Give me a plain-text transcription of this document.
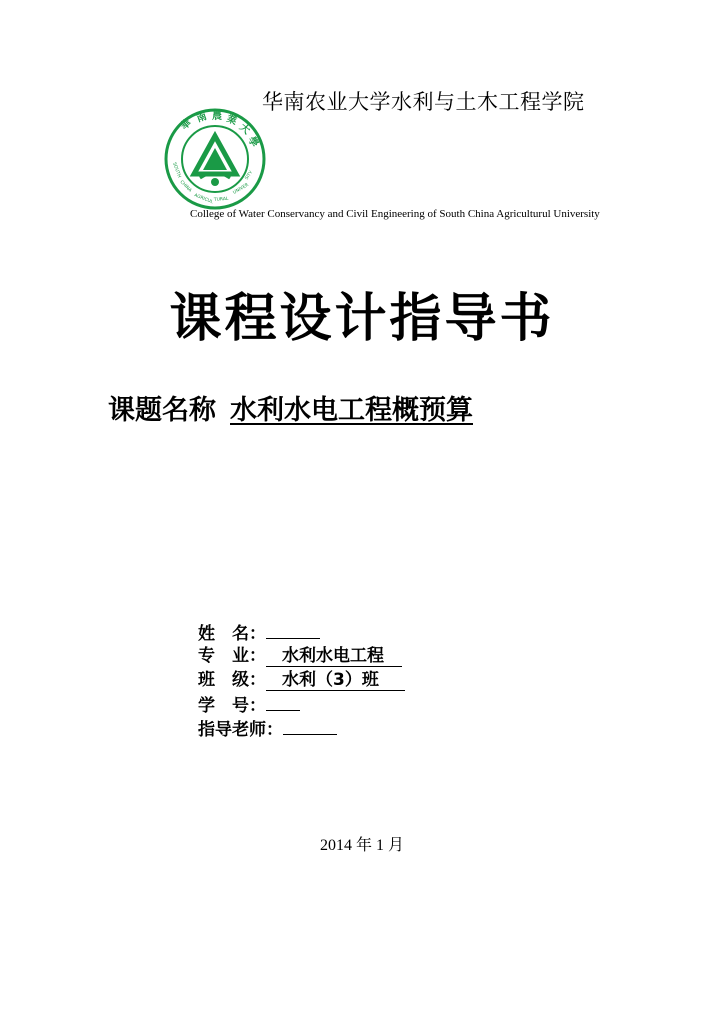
华南农业大学水利与土木工程学院
華 南 農 業
大
學
SOUTH
CHINA
AGRICUL TURAL
UNIVER
SITY
College of Water Conservancy and Civil Engineering of South China Agriculturul University
课程设计指导书
课题名称 水利水电工程概预算
姓　名：
专　业： 水利水电工程
班　级： 水利（3）班
学　号：
指导老师：
2014 年 1 月
